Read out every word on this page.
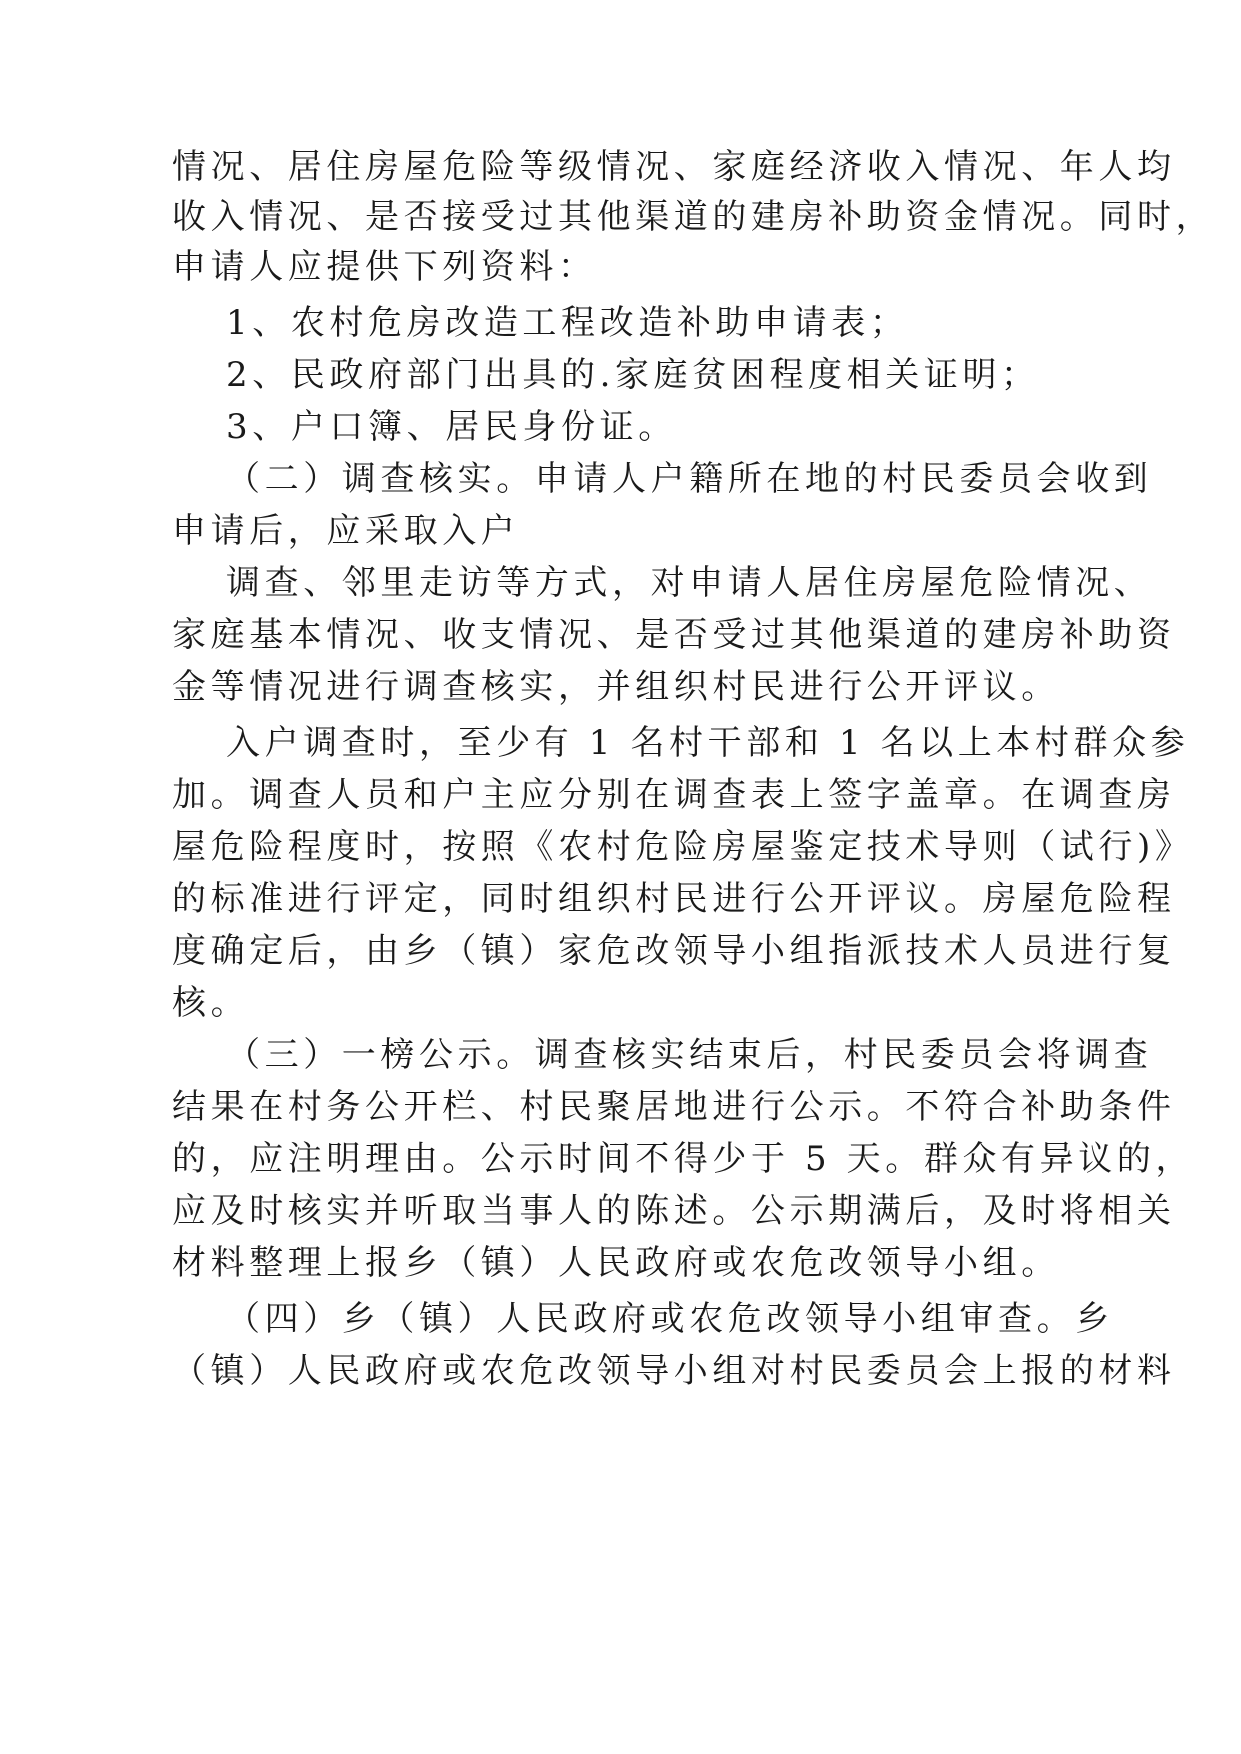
情况、居住房屋危险等级情况、家庭经济收入情况、年人均
收入情况、是否接受过其他渠道的建房补助资金情况。同时，
申请人应提供下列资料：
1、农村危房改造工程改造补助申请表；
2、民政府部门出具的.家庭贫困程度相关证明；
3、户口簿、居民身份证。
（二）调查核实。申请人户籍所在地的村民委员会收到
申请后，应采取入户
调查、邻里走访等方式，对申请人居住房屋危险情况、
家庭基本情况、收支情况、是否受过其他渠道的建房补助资
金等情况进行调查核实，并组织村民进行公开评议。
入户调查时，至少有 1 名村干部和 1 名以上本村群众参
加。调查人员和户主应分别在调查表上签字盖章。在调查房
屋危险程度时，按照《农村危险房屋鉴定技术导则（试行)》
的标准进行评定，同时组织村民进行公开评议。房屋危险程
度确定后，由乡（镇）家危改领导小组指派技术人员进行复
核。
（三）一榜公示。调查核实结束后，村民委员会将调查
结果在村务公开栏、村民聚居地进行公示。不符合补助条件
的，应注明理由。公示时间不得少于 5 天。群众有异议的，
应及时核实并听取当事人的陈述。公示期满后，及时将相关
材料整理上报乡（镇）人民政府或农危改领导小组。
（四）乡（镇）人民政府或农危改领导小组审查。乡
（镇）人民政府或农危改领导小组对村民委员会上报的材料
